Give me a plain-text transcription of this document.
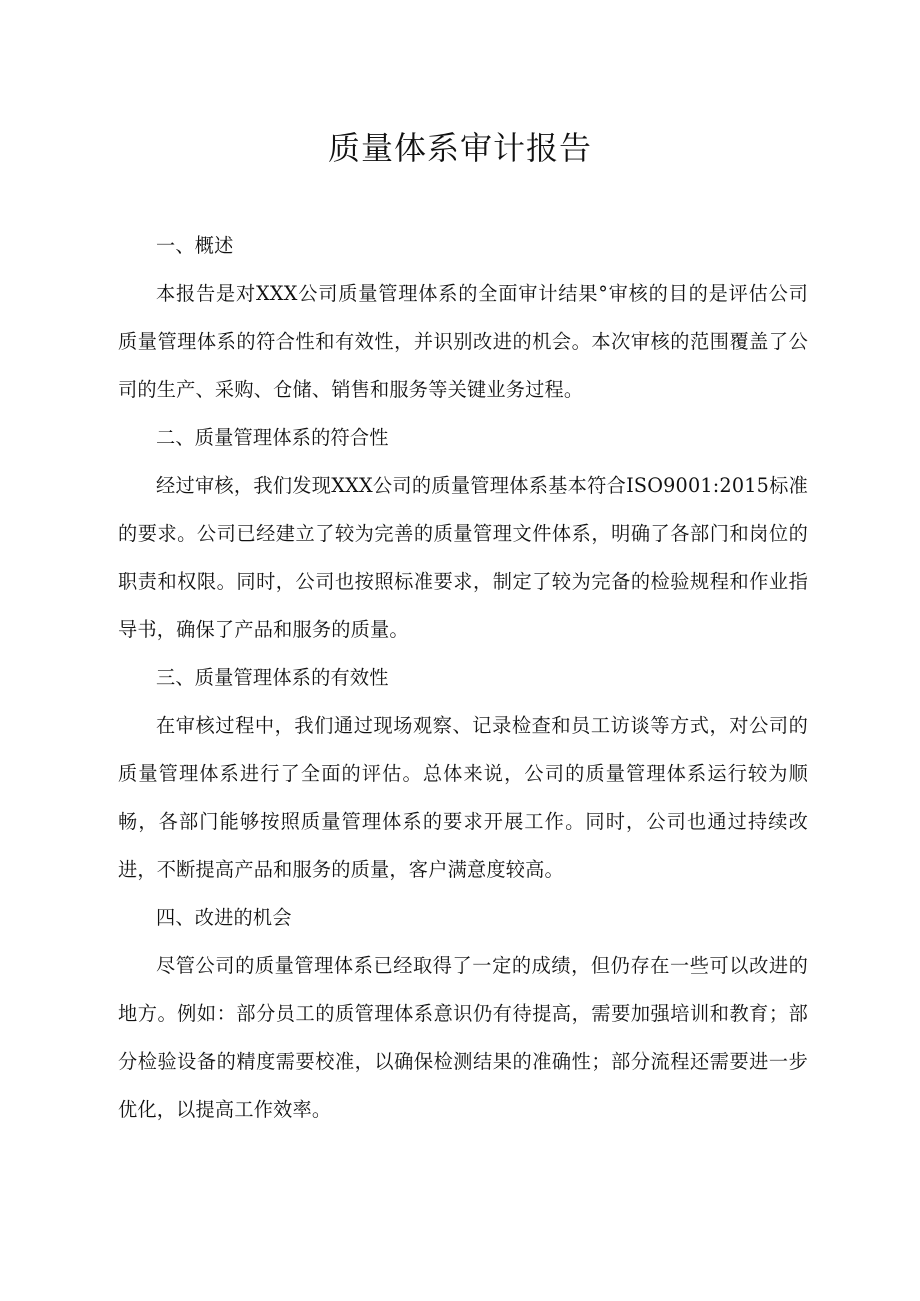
质量体系审计报告

一、概述

本报告是对XXX公司质量管理体系的全面审计结果°审核的目的是评估公司质量管理体系的符合性和有效性，并识别改进的机会。本次审核的范围覆盖了公司的生产、采购、仓储、销售和服务等关键业务过程。

二、质量管理体系的符合性

经过审核，我们发现XXX公司的质量管理体系基本符合ISO9001:2015标准的要求。公司已经建立了较为完善的质量管理文件体系，明确了各部门和岗位的职责和权限。同时，公司也按照标准要求，制定了较为完备的检验规程和作业指导书，确保了产品和服务的质量。

三、质量管理体系的有效性

在审核过程中，我们通过现场观察、记录检查和员工访谈等方式，对公司的质量管理体系进行了全面的评估。总体来说，公司的质量管理体系运行较为顺畅，各部门能够按照质量管理体系的要求开展工作。同时，公司也通过持续改进，不断提高产品和服务的质量，客户满意度较高。

四、改进的机会

尽管公司的质量管理体系已经取得了一定的成绩，但仍存在一些可以改进的地方。例如：部分员工的质管理体系意识仍有待提高，需要加强培训和教育；部分检验设备的精度需要校准，以确保检测结果的准确性；部分流程还需要进一步优化，以提高工作效率。
